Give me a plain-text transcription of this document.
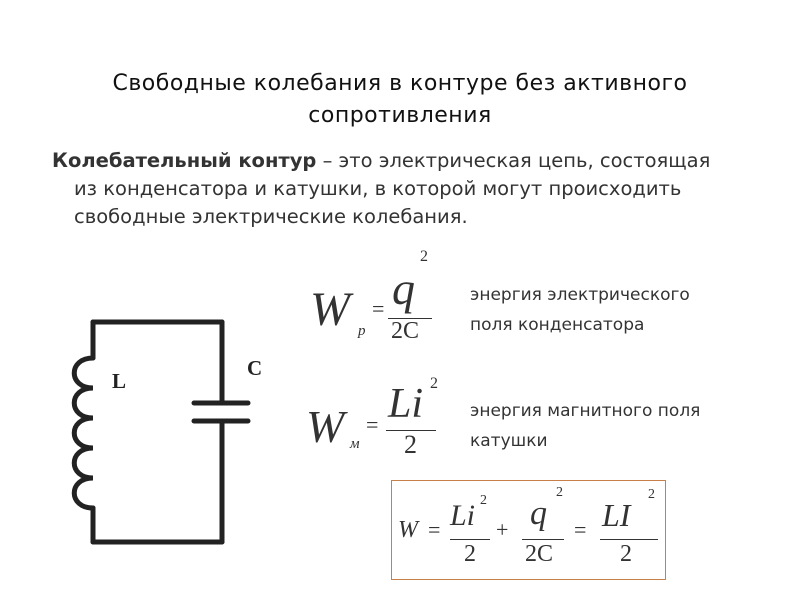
Свободные колебания в контуре без активного
сопротивления
Колебательный контур – это электрическая цепь, состоящая из конденсатора и катушки, в которой могут происходить свободные электрические колебания.
L
C
W р
= q
2
2C
энергия электрического
поля конденсатора
W м
= Li 2
2
энергия магнитного поля
катушки
W = Li 2
2
+ q
2
2C
= LI
2
2
